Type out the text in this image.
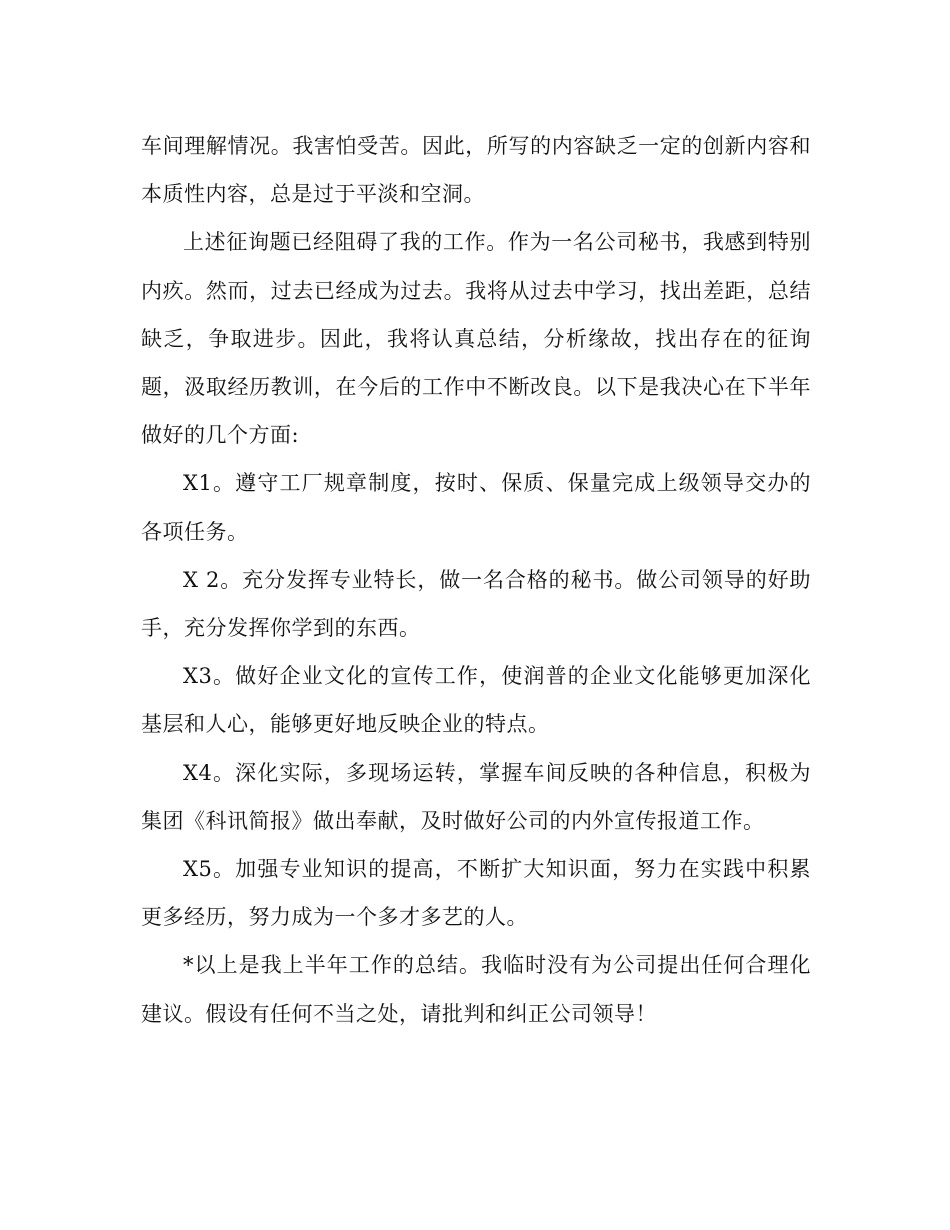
车间理解情况。我害怕受苦。因此，所写的内容缺乏一定的创新内容和本质性内容，总是过于平淡和空洞。

上述征询题已经阻碍了我的工作。作为一名公司秘书，我感到特别内疚。然而，过去已经成为过去。我将从过去中学习，找出差距，总结缺乏，争取进步。因此，我将认真总结，分析缘故，找出存在的征询题，汲取经历教训，在今后的工作中不断改良。以下是我决心在下半年做好的几个方面:

X1。遵守工厂规章制度，按时、保质、保量完成上级领导交办的各项任务。

X 2。充分发挥专业特长，做一名合格的秘书。做公司领导的好助手，充分发挥你学到的东西。

X3。做好企业文化的宣传工作，使润普的企业文化能够更加深化基层和人心，能够更好地反映企业的特点。

X4。深化实际，多现场运转，掌握车间反映的各种信息，积极为集团《科讯简报》做出奉献，及时做好公司的内外宣传报道工作。

X5。加强专业知识的提高，不断扩大知识面，努力在实践中积累更多经历，努力成为一个多才多艺的人。

*以上是我上半年工作的总结。我临时没有为公司提出任何合理化建议。假设有任何不当之处，请批判和纠正公司领导！
